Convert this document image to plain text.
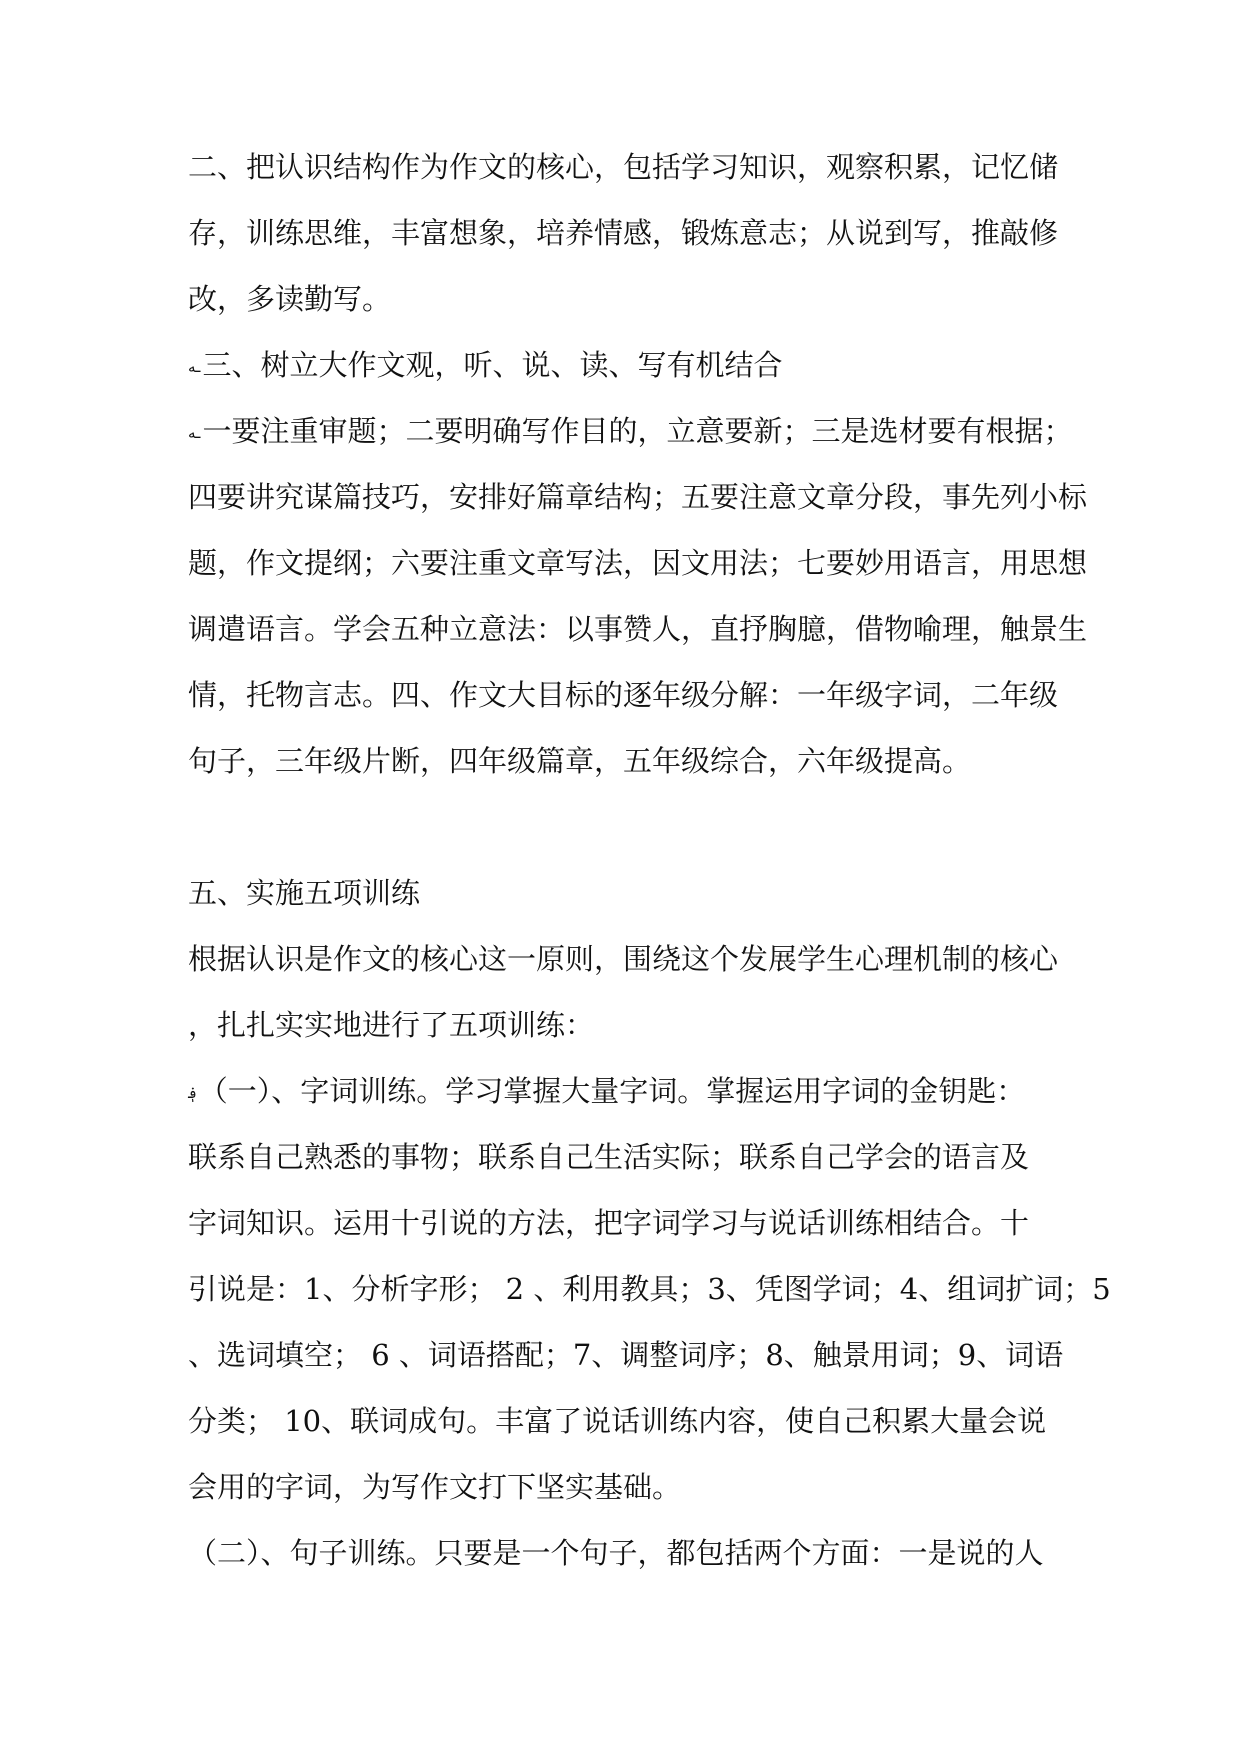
二、把认识结构作为作文的核心，包括学习知识，观察积累，记忆储
存，训练思维，丰富想象，培养情感，锻炼意志；从说到写，推敲修
改，多读勤写。
ـه三、树立大作文观，听、说、读、写有机结合
ـه一要注重审题；二要明确写作目的，立意要新；三是选材要有根据；
四要讲究谋篇技巧，安排好篇章结构；五要注意文章分段，事先列小标
题，作文提纲；六要注重文章写法，因文用法；七要妙用语言，用思想
调遣语言。学会五种立意法：以事赞人，直抒胸臆，借物喻理，触景生
情，托物言志。四、作文大目标的逐年级分解：一年级字词，二年级
句子，三年级片断，四年级篇章，五年级综合，六年级提高。
五、实施五项训练
根据认识是作文的核心这一原则，围绕这个发展学生心理机制的核心
，扎扎实实地进行了五项训练：
؋（一）、字词训练。学习掌握大量字词。掌握运用字词的金钥匙：
联系自己熟悉的事物；联系自己生活实际；联系自己学会的语言及
字词知识。运用十引说的方法，把字词学习与说话训练相结合。十
引说是：1、分析字形； 2 、利用教具；3、凭图学词；4、组词扩词；5
、选词填空； 6 、词语搭配；7、调整词序；8、触景用词；9、词语
分类； 10、联词成句。丰富了说话训练内容，使自己积累大量会说
会用的字词，为写作文打下坚实基础。
（二）、句子训练。只要是一个句子，都包括两个方面：一是说的人
